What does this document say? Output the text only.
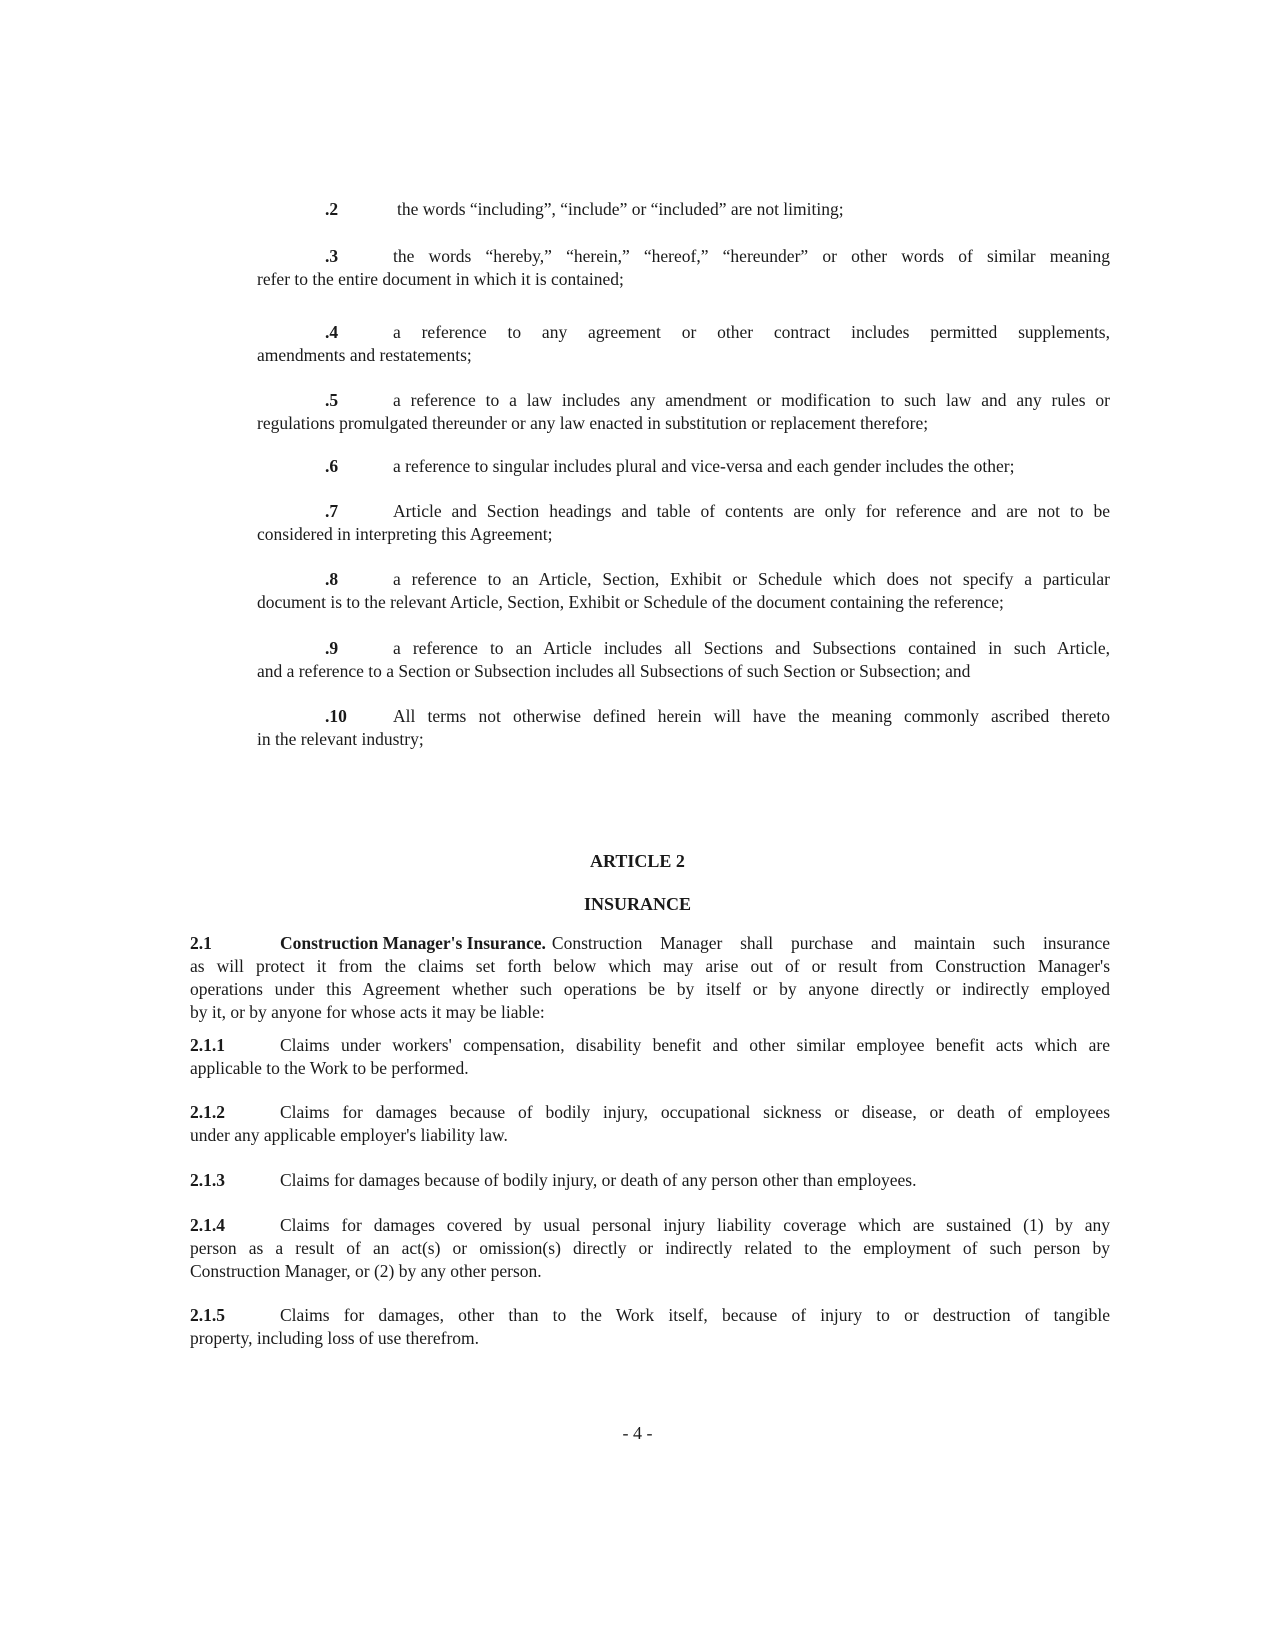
.2	the words “including”, “include” or “included” are not limiting;
.3	the words “hereby,” “herein,” “hereof,” “hereunder” or other words of similar meaning
refer to the entire document in which it is contained;
.4	a reference to any agreement or other contract includes permitted supplements,
amendments and restatements;
.5	a reference to a law includes any amendment or modification to such law and any rules or
regulations promulgated thereunder or any law enacted in substitution or replacement therefore;
.6	a reference to singular includes plural and vice-versa and each gender includes the other;
.7	Article and Section headings and table of contents are only for reference and are not to be
considered in interpreting this Agreement;
.8	a reference to an Article, Section, Exhibit or Schedule which does not specify a particular
document is to the relevant Article, Section, Exhibit or Schedule of the document containing the reference;
.9	a reference to an Article includes all Sections and Subsections contained in such Article,
and a reference to a Section or Subsection includes all Subsections of such Section or Subsection; and
.10	All terms not otherwise defined herein will have the meaning commonly ascribed thereto
in the relevant industry;
ARTICLE 2
INSURANCE
2.1	Construction Manager's Insurance. Construction Manager shall purchase and maintain such insurance
as will protect it from the claims set forth below which may arise out of or result from Construction Manager's
operations under this Agreement whether such operations be by itself or by anyone directly or indirectly employed
by it, or by anyone for whose acts it may be liable:
2.1.1	Claims under workers' compensation, disability benefit and other similar employee benefit acts which are
applicable to the Work to be performed.
2.1.2	Claims for damages because of bodily injury, occupational sickness or disease, or death of employees
under any applicable employer's liability law.
2.1.3	Claims for damages because of bodily injury, or death of any person other than employees.
2.1.4	Claims for damages covered by usual personal injury liability coverage which are sustained (1) by any
person as a result of an act(s) or omission(s) directly or indirectly related to the employment of such person by
Construction Manager, or (2) by any other person.
2.1.5	Claims for damages, other than to the Work itself, because of injury to or destruction of tangible
property, including loss of use therefrom.
- 4 -
